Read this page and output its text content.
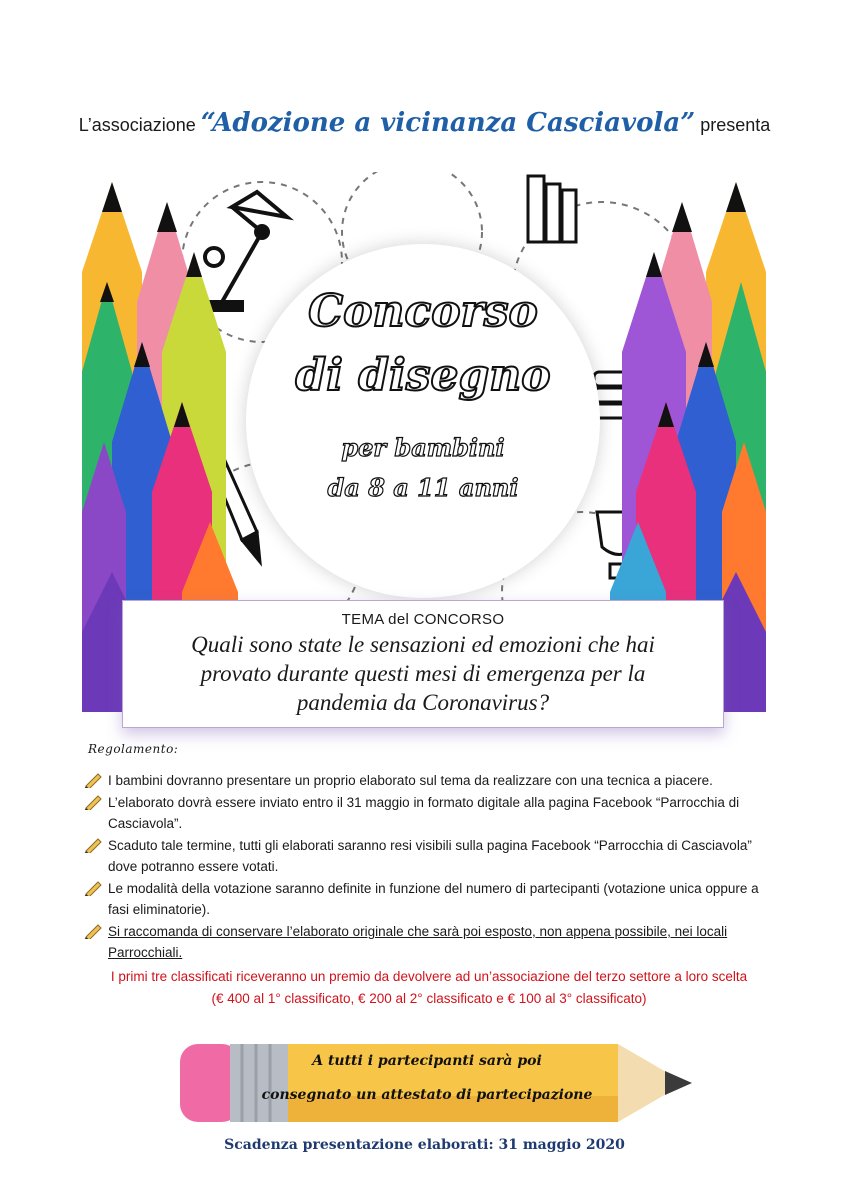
L’associazione “Adozione a vicinanza Casciavola” presenta
Concorso
di disegno
per bambini
da 8 a 11 anni
TEMA del CONCORSO
Quali sono state le sensazioni ed emozioni che hai provato durante questi mesi di emergenza per la pandemia da Coronavirus?
Regolamento:
I bambini dovranno presentare un proprio elaborato sul tema da realizzare con una tecnica a piacere.
L’elaborato dovrà essere inviato entro il 31 maggio in formato digitale alla pagina Facebook “Parrocchia di Casciavola”.
Scaduto tale termine, tutti gli elaborati saranno resi visibili sulla pagina Facebook “Parrocchia di Casciavola” dove potranno essere votati.
Le modalità della votazione saranno definite in funzione del numero di partecipanti (votazione unica oppure a fasi eliminatorie).
Si raccomanda di conservare l’elaborato originale che sarà poi esposto, non appena possibile, nei locali Parrocchiali.
I primi tre classificati riceveranno un premio da devolvere ad un’associazione del terzo settore a loro scelta
(€ 400 al 1° classificato, € 200 al 2° classificato e € 100 al 3° classificato)
A tutti i partecipanti sarà poi
consegnato un attestato di partecipazione
Scadenza presentazione elaborati: 31 maggio 2020
